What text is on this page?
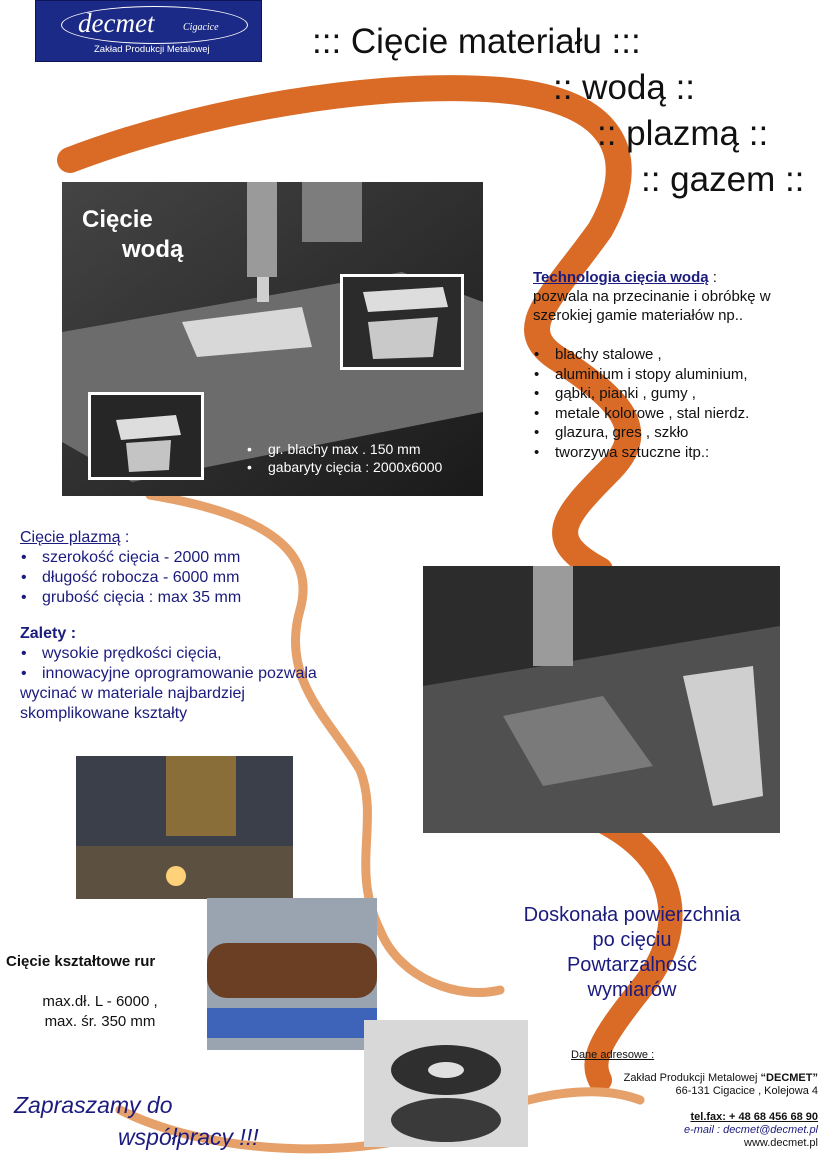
decmet	Cigacice
Zakład Produkcji Metalowej	::: Cięcie materiału :::
:: wodą ::
:: plazmą ::
:: gazem ::
Cięcie
wodą
• gr. blachy max . 150 mm
• gabaryty cięcia : 2000x6000
Technologia cięcia wodą :
pozwala na przecinanie i obróbkę w szerokiej gamie materiałów np..
• blachy stalowe ,
• aluminium i stopy aluminium,
• gąbki, pianki , gumy ,
• metale kolorowe , stal nierdz.
• glazura, gres , szkło
• tworzywa sztuczne itp.:
Cięcie plazmą :
• szerokość cięcia - 2000 mm
• długość robocza - 6000 mm
• grubość cięcia : max 35 mm
Zalety :
• wysokie prędkości cięcia,
• innowacyjne oprogramowanie pozwala
wycinać w materiale najbardziej skomplikowane kształty
Cięcie kształtowe rur
max.dł. L - 6000 ,
max. śr. 350 mm
Doskonała powierzchnia
po cięciu
Powtarzalność
wymiarów
Zapraszamy do
współpracy !!!
Dane adresowe :
Zakład Produkcji Metalowej “DECMET”
66-131 Cigacice , Kolejowa 4
tel.fax: + 48 68 456 68 90
e-mail : decmet@decmet.pl
www.decmet.pl
